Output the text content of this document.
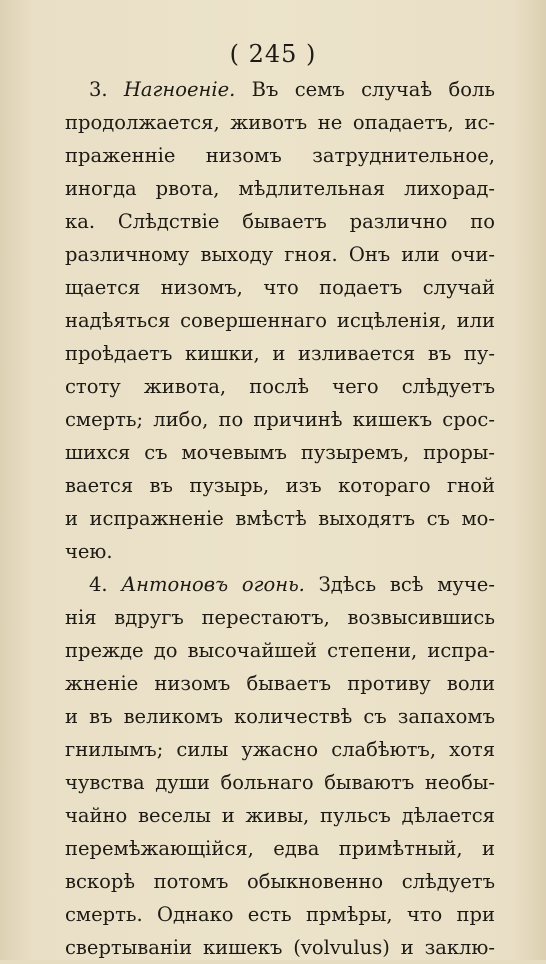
( 245 )
3. Нагноенiе. Въ семъ случаѣ боль
продолжается, животъ не опадаетъ, ис-
праженнiе низомъ затруднительное,
иногда рвота, мѣдлительная лихорад-
ка. Слѣдствiе бываетъ различно по
различному выходу гноя. Онъ или очи-
щается низомъ, что подаетъ случай
надѣяться совершеннаго исцѣленiя, или
проѣдаетъ кишки, и изливается въ пу-
стоту живота, послѣ чего слѣдуетъ
смерть; либо, по причинѣ кишекъ срос-
шихся съ мочевымъ пузыремъ, проры-
вается въ пузырь, изъ котораго гной
и испражненiе вмѣстѣ выходятъ съ мо-
чею.
4. Антоновъ огонь. Здѣсь всѣ муче-
нiя вдругъ перестаютъ, возвысившись
прежде до высочайшей степени, испра-
жненiе низомъ бываетъ противу воли
и въ великомъ количествѣ съ запахомъ
гнилымъ; силы ужасно слабѣютъ, хотя
чувства души больнаго бываютъ необы-
чайно веселы и живы, пульсъ дѣлается
перемѣжающiйся, едва примѣтный, и
вскорѣ потомъ обыкновенно слѣдуетъ
смерть. Однако есть прмѣры, что при
свертываніи кишекъ (volvulus) и заклю-
